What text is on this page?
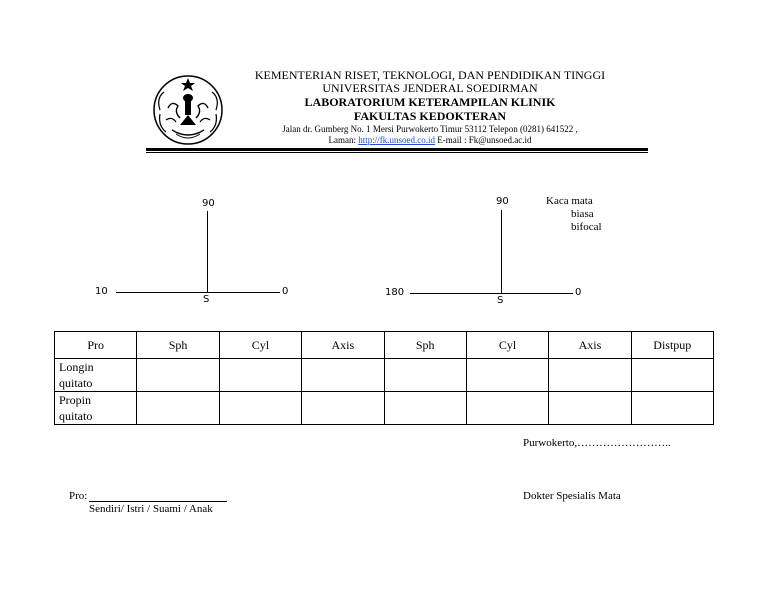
KEMENTERIAN RISET, TEKNOLOGI, DAN PENDIDIKAN TINGGI
UNIVERSITAS JENDERAL SOEDIRMAN
LABORATORIUM KETERAMPILAN KLINIK
FAKULTAS KEDOKTERAN
Jalan dr. Gumberg No. 1 Mersi Purwokerto Timur 53112 Telepon (0281) 641522 ,
Laman: http://fk.unsoed.co.id E-mail : Fk@unsoed.ac.id
90
10	0
S
90
180	0
S
Kaca mata
biasa
bifocal
Pro	Sph	Cyl	Axis	Sph	Cyl	Axis	Distpup
Longin
quitato							
Propin
quitato							
Purwokerto,……………………..
Pro:
Sendiri/ Istri / Suami / Anak
Dokter Spesialis Mata
